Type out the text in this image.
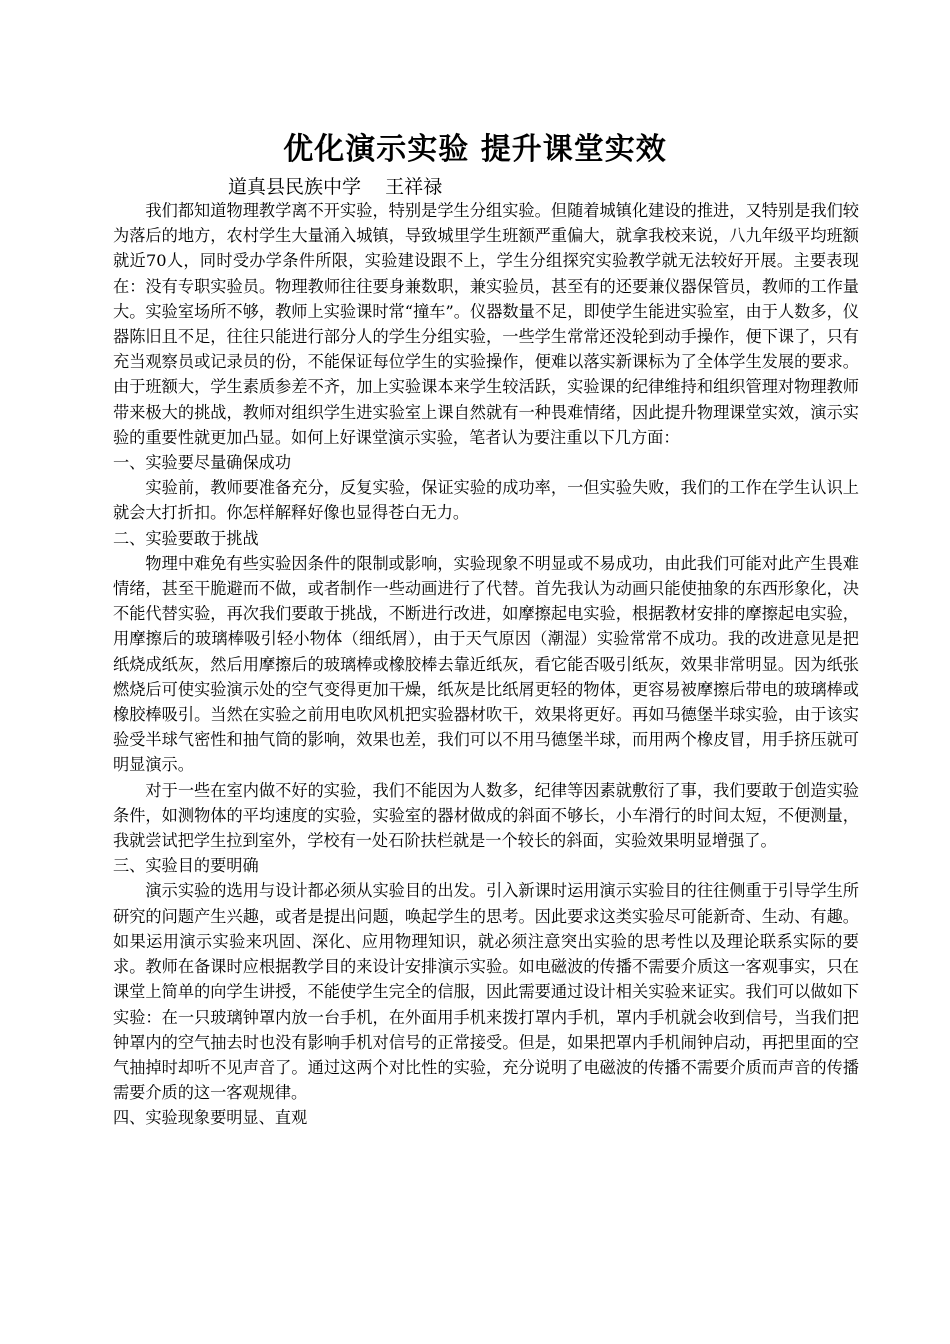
优化演示实验 提升课堂实效
道真县民族中学    王祥禄

我们都知道物理教学离不开实验，特别是学生分组实验。但随着城镇化建设的推进，又特别是我们较为落后的地方，农村学生大量涌入城镇，导致城里学生班额严重偏大，就拿我校来说，八九年级平均班额就近70人，同时受办学条件所限，实验建设跟不上，学生分组探究实验教学就无法较好开展。主要表现在：没有专职实验员。物理教师往往要身兼数职，兼实验员，甚至有的还要兼仪器保管员，教师的工作量大。实验室场所不够，教师上实验课时常“撞车”。仪器数量不足，即使学生能进实验室，由于人数多，仪器陈旧且不足，往往只能进行部分人的学生分组实验，一些学生常常还没轮到动手操作，便下课了，只有充当观察员或记录员的份，不能保证每位学生的实验操作，便难以落实新课标为了全体学生发展的要求。由于班额大，学生素质参差不齐，加上实验课本来学生较活跃，实验课的纪律维持和组织管理对物理教师带来极大的挑战，教师对组织学生进实验室上课自然就有一种畏难情绪，因此提升物理课堂实效，演示实验的重要性就更加凸显。如何上好课堂演示实验，笔者认为要注重以下几方面：

一、实验要尽量确保成功

实验前，教师要准备充分，反复实验，保证实验的成功率，一但实验失败，我们的工作在学生认识上就会大打折扣。你怎样解释好像也显得苍白无力。

二、实验要敢于挑战

物理中难免有些实验因条件的限制或影响，实验现象不明显或不易成功，由此我们可能对此产生畏难情绪，甚至干脆避而不做，或者制作一些动画进行了代替。首先我认为动画只能使抽象的东西形象化，决不能代替实验，再次我们要敢于挑战，不断进行改进，如摩擦起电实验，根据教材安排的摩擦起电实验，用摩擦后的玻璃棒吸引轻小物体（细纸屑），由于天气原因（潮湿）实验常常不成功。我的改进意见是把纸烧成纸灰，然后用摩擦后的玻璃棒或橡胶棒去靠近纸灰，看它能否吸引纸灰，效果非常明显。因为纸张燃烧后可使实验演示处的空气变得更加干燥，纸灰是比纸屑更轻的物体，更容易被摩擦后带电的玻璃棒或橡胶棒吸引。当然在实验之前用电吹风机把实验器材吹干，效果将更好。再如马德堡半球实验，由于该实验受半球气密性和抽气筒的影响，效果也差，我们可以不用马德堡半球，而用两个橡皮冒，用手挤压就可明显演示。

对于一些在室内做不好的实验，我们不能因为人数多，纪律等因素就敷衍了事，我们要敢于创造实验条件，如测物体的平均速度的实验，实验室的器材做成的斜面不够长，小车滑行的时间太短，不便测量，我就尝试把学生拉到室外，学校有一处石阶扶栏就是一个较长的斜面，实验效果明显增强了。

三、实验目的要明确

演示实验的选用与设计都必须从实验目的出发。引入新课时运用演示实验目的往往侧重于引导学生所研究的问题产生兴趣，或者是提出问题，唤起学生的思考。因此要求这类实验尽可能新奇、生动、有趣。如果运用演示实验来巩固、深化、应用物理知识，就必须注意突出实验的思考性以及理论联系实际的要求。教师在备课时应根据教学目的来设计安排演示实验。如电磁波的传播不需要介质这一客观事实，只在课堂上简单的向学生讲授，不能使学生完全的信服，因此需要通过设计相关实验来证实。我们可以做如下实验：在一只玻璃钟罩内放一台手机，在外面用手机来拨打罩内手机，罩内手机就会收到信号，当我们把钟罩内的空气抽去时也没有影响手机对信号的正常接受。但是，如果把罩内手机闹钟启动，再把里面的空气抽掉时却听不见声音了。通过这两个对比性的实验，充分说明了电磁波的传播不需要介质而声音的传播需要介质的这一客观规律。

四、实验现象要明显、直观
